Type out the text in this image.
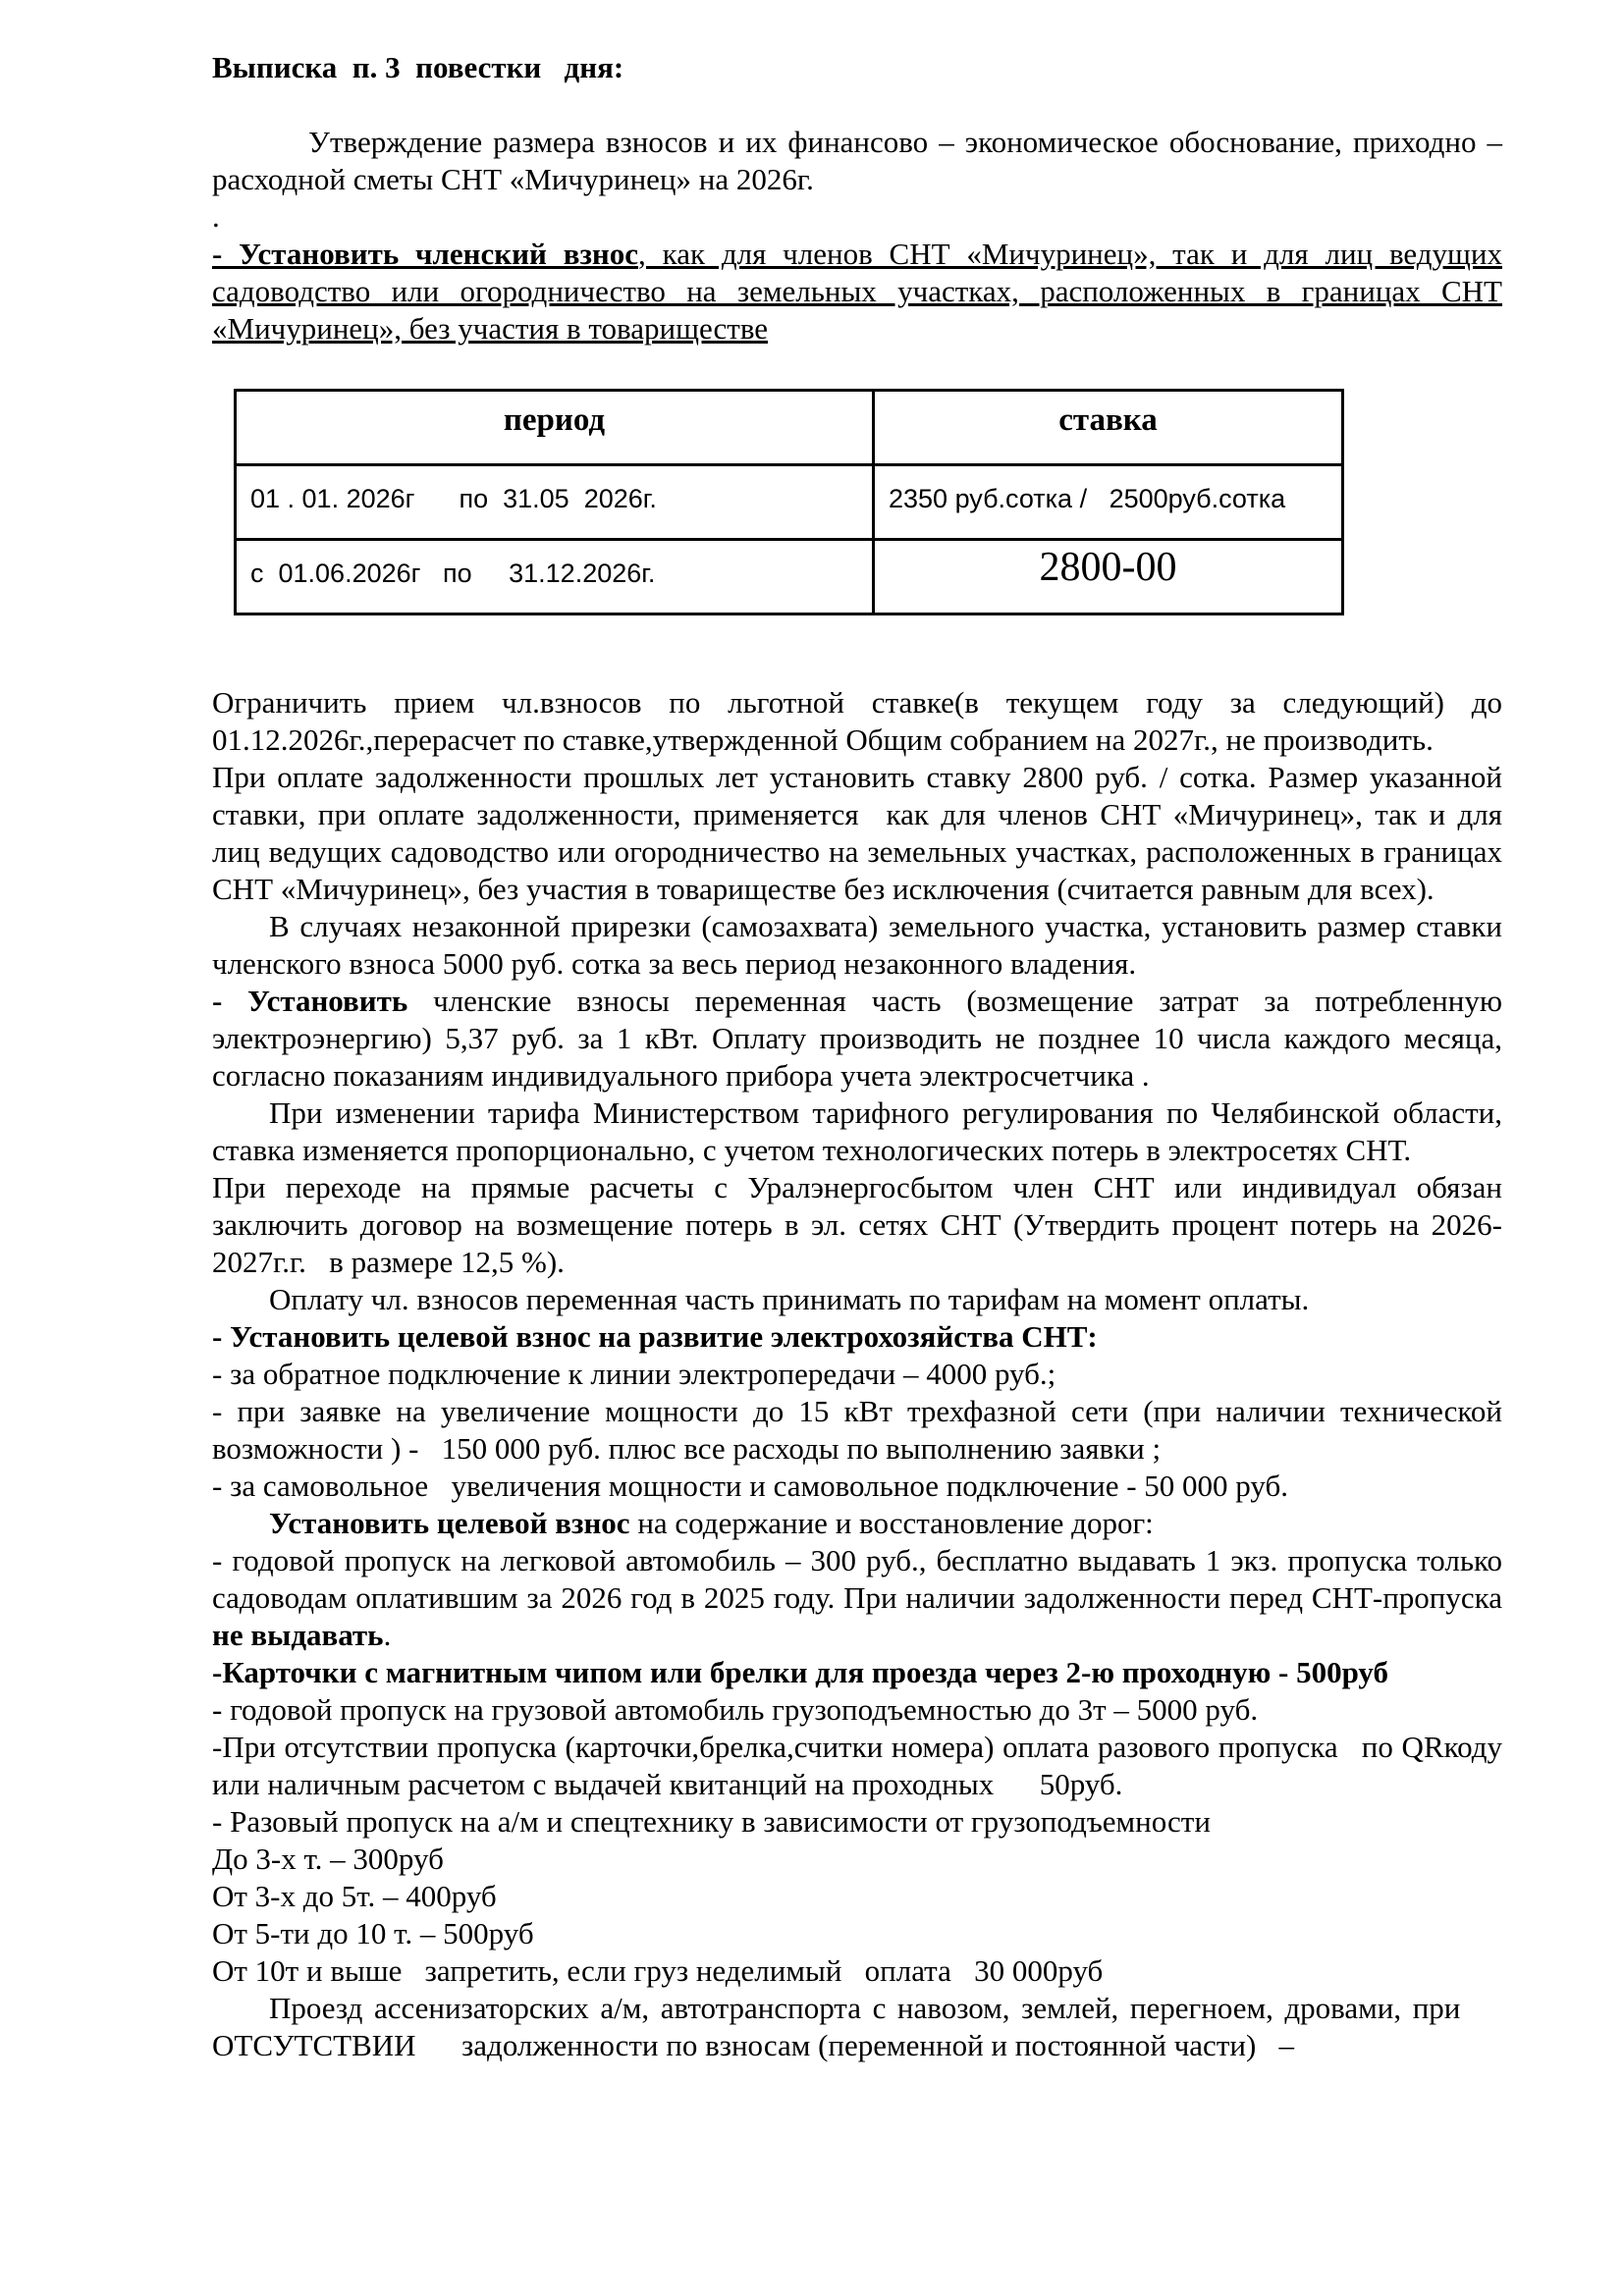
Выписка  п. 3  повестки   дня:

Утверждение размера взносов и их финансово – экономическое обоснование, приходно – расходной сметы СНТ «Мичуринец» на 2026г.

.

- Установить членский взнос, как для членов СНТ «Мичуринец», так и для лиц ведущих садоводство или огородничество на земельных участках, расположенных в границах СНТ «Мичуринец», без участия в товариществе

период	ставка
01 . 01. 2026г      по  31.05  2026г.	2350 руб.сотка /   2500руб.сотка
с  01.06.2026г   по     31.12.2026г.	2800-00

Ограничить прием чл.взносов по льготной ставке(в текущем году за следующий) до 01.12.2026г.,перерасчет по ставке,утвержденной Общим собранием на 2027г., не производить.

При оплате задолженности прошлых лет установить ставку 2800 руб. / сотка. Размер указанной ставки, при оплате задолженности, применяется  как для членов СНТ «Мичуринец», так и для лиц ведущих садоводство или огородничество на земельных участках, расположенных в границах СНТ «Мичуринец», без участия в товариществе без исключения (считается равным для всех).

В случаях незаконной прирезки (самозахвата) земельного участка, установить размер ставки членского взноса 5000 руб. сотка за весь период незаконного владения.

- Установить членские взносы переменная часть (возмещение затрат за потребленную электроэнергию) 5,37 руб. за 1 кВт. Оплату производить не позднее 10 числа каждого месяца, согласно показаниям индивидуального прибора учета электросчетчика .

При изменении тарифа Министерством тарифного регулирования по Челябинской области, ставка изменяется пропорционально, с учетом технологических потерь в электросетях СНТ.

При переходе на прямые расчеты с Уралэнергосбытом член СНТ или индивидуал обязан заключить договор на возмещение потерь в эл. сетях СНТ (Утвердить процент потерь на 2026-2027г.г.  в размере 12,5 %).

Оплату чл. взносов переменная часть принимать по тарифам на момент оплаты.

- Установить целевой взнос на развитие электрохозяйства СНТ:

- за обратное подключение к линии электропередачи – 4000 руб.;

- при заявке на увеличение мощности до 15 кВт трехфазной сети (при наличии технической возможности ) -  150 000 руб. плюс все расходы по выполнению заявки ;

- за самовольное  увеличения мощности и самовольное подключение - 50 000 руб.

Установить целевой взнос на содержание и восстановление дорог:

- годовой пропуск на легковой автомобиль – 300 руб., бесплатно выдавать 1 экз. пропуска только садоводам оплатившим за 2026 год в 2025 году. При наличии задолженности перед СНТ-пропуска не выдавать.

-Карточки с магнитным чипом или брелки для проезда через 2-ю проходную - 500руб

- годовой пропуск на грузовой автомобиль грузоподъемностью до 3т – 5000 руб.

-При отсутствии пропуска (карточки,брелка,считки номера) оплата разового пропуска  по QRкоду или наличным расчетом с выдачей квитанций на проходных   50руб.

- Разовый пропуск на а/м и спецтехнику в зависимости от грузоподъемности

До 3-х т. – 300руб

От 3-х до 5т. – 400руб

От 5-ти до 10 т. – 500руб

От 10т и выше  запретить, если груз неделимый  оплата  30 000руб

Проезд ассенизаторских а/м, автотранспорта с навозом, землей, перегноем, дровами, при  ОТСУТСТВИИ   задолженности по взносам (переменной и постоянной части)  –
